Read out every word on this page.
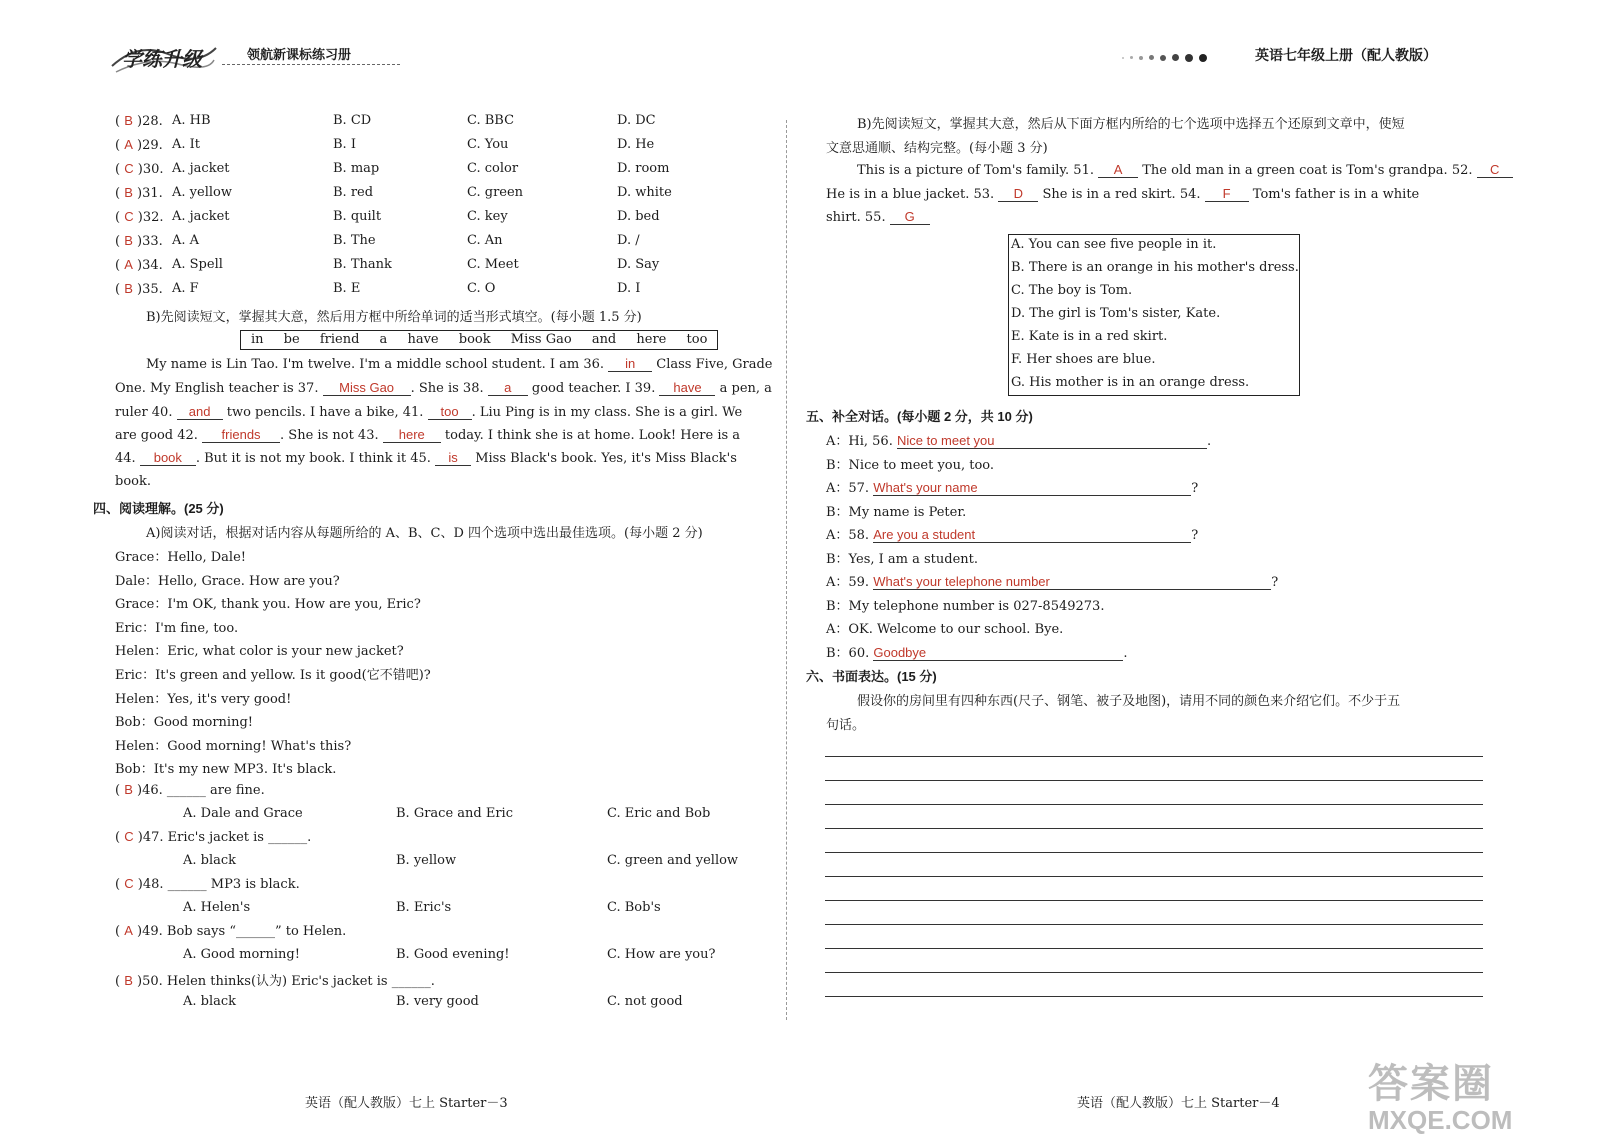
学练升级	领航新课标练习册	英语七年级上册（配人教版）
( B )28. A. HB	B. CD	C. BBC	D. DC
( A )29. A. It	B. I	C. You	D. He
( C )30. A. jacket	B. map	C. color	D. room
( B )31. A. yellow	B. red	C. green	D. white
( C )32. A. jacket	B. quilt	C. key	D. bed
( B )33. A. A	B. The	C. An	D. /
( A )34. A. Spell	B. Thank	C. Meet	D. Say
( B )35. A. F	B. E	C. O	D. I
B)先阅读短文，掌握其大意，然后用方框中所给单词的适当形式填空。(每小题 1.5 分)
in be friend a have book Miss Gao and here too
My name is Lin Tao. I'm twelve. I'm a middle school student. I am 36. in Class Five, Grade
One. My English teacher is 37. Miss Gao . She is 38. a good teacher. I 39. have a pen, a
ruler 40. and two pencils. I have a bike, 41. too . Liu Ping is in my class. She is a girl. We
are good 42. friends . She is not 43. here today. I think she is at home. Look! Here is a
44. book . But it is not my book. I think it 45. is Miss Black's book. Yes, it's Miss Black's
book.
四、阅读理解。(25 分)
A)阅读对话，根据对话内容从每题所给的 A、B、C、D 四个选项中选出最佳选项。(每小题 2 分)
Grace：Hello, Dale!
Dale：Hello, Grace. How are you?
Grace：I'm OK, thank you. How are you, Eric?
Eric：I'm fine, too.
Helen：Eric, what color is your new jacket?
Eric：It's green and yellow. Is it good(它不错吧)?
Helen：Yes, it's very good!
Bob：Good morning!
Helen：Good morning! What's this?
Bob：It's my new MP3. It's black.
( B )46. ______ are fine.
A. Dale and Grace	B. Grace and Eric	C. Eric and Bob
( C )47. Eric's jacket is ______.
A. black	B. yellow	C. green and yellow
( C )48. ______ MP3 is black.
A. Helen's	B. Eric's	C. Bob's
( A )49. Bob says “______” to Helen.
A. Good morning!	B. Good evening!	C. How are you?
( B )50. Helen thinks(认为) Eric's jacket is ______.
A. black	B. very good	C. not good
B)先阅读短文，掌握其大意，然后从下面方框内所给的七个选项中选择五个还原到文章中，使短
文意思通顺、结构完整。(每小题 3 分)
This is a picture of Tom's family. 51. A The old man in a green coat is Tom's grandpa. 52. C
He is in a blue jacket. 53. D She is in a red skirt. 54. F Tom's father is in a white
shirt. 55. G
A. You can see five people in it.
B. There is an orange in his mother's dress.
C. The boy is Tom.
D. The girl is Tom's sister, Kate.
E. Kate is in a red skirt.
F. Her shoes are blue.
G. His mother is in an orange dress.
五、补全对话。(每小题 2 分，共 10 分)
A：Hi, 56. Nice to meet you	.
B：Nice to meet you, too.
A：57. What's your name	?
B：My name is Peter.
A：58. Are you a student	?
B：Yes, I am a student.
A：59. What's your telephone number	?
B：My telephone number is 027-8549273.
A：OK. Welcome to our school. Bye.
B：60. Goodbye	.
六、书面表达。(15 分)
假设你的房间里有四种东西(尺子、钢笔、被子及地图)，请用不同的颜色来介绍它们。不少于五
句话。
英语（配人教版）七上 Starter－3	英语（配人教版）七上 Starter－4 答案圈
MXQE.COM
